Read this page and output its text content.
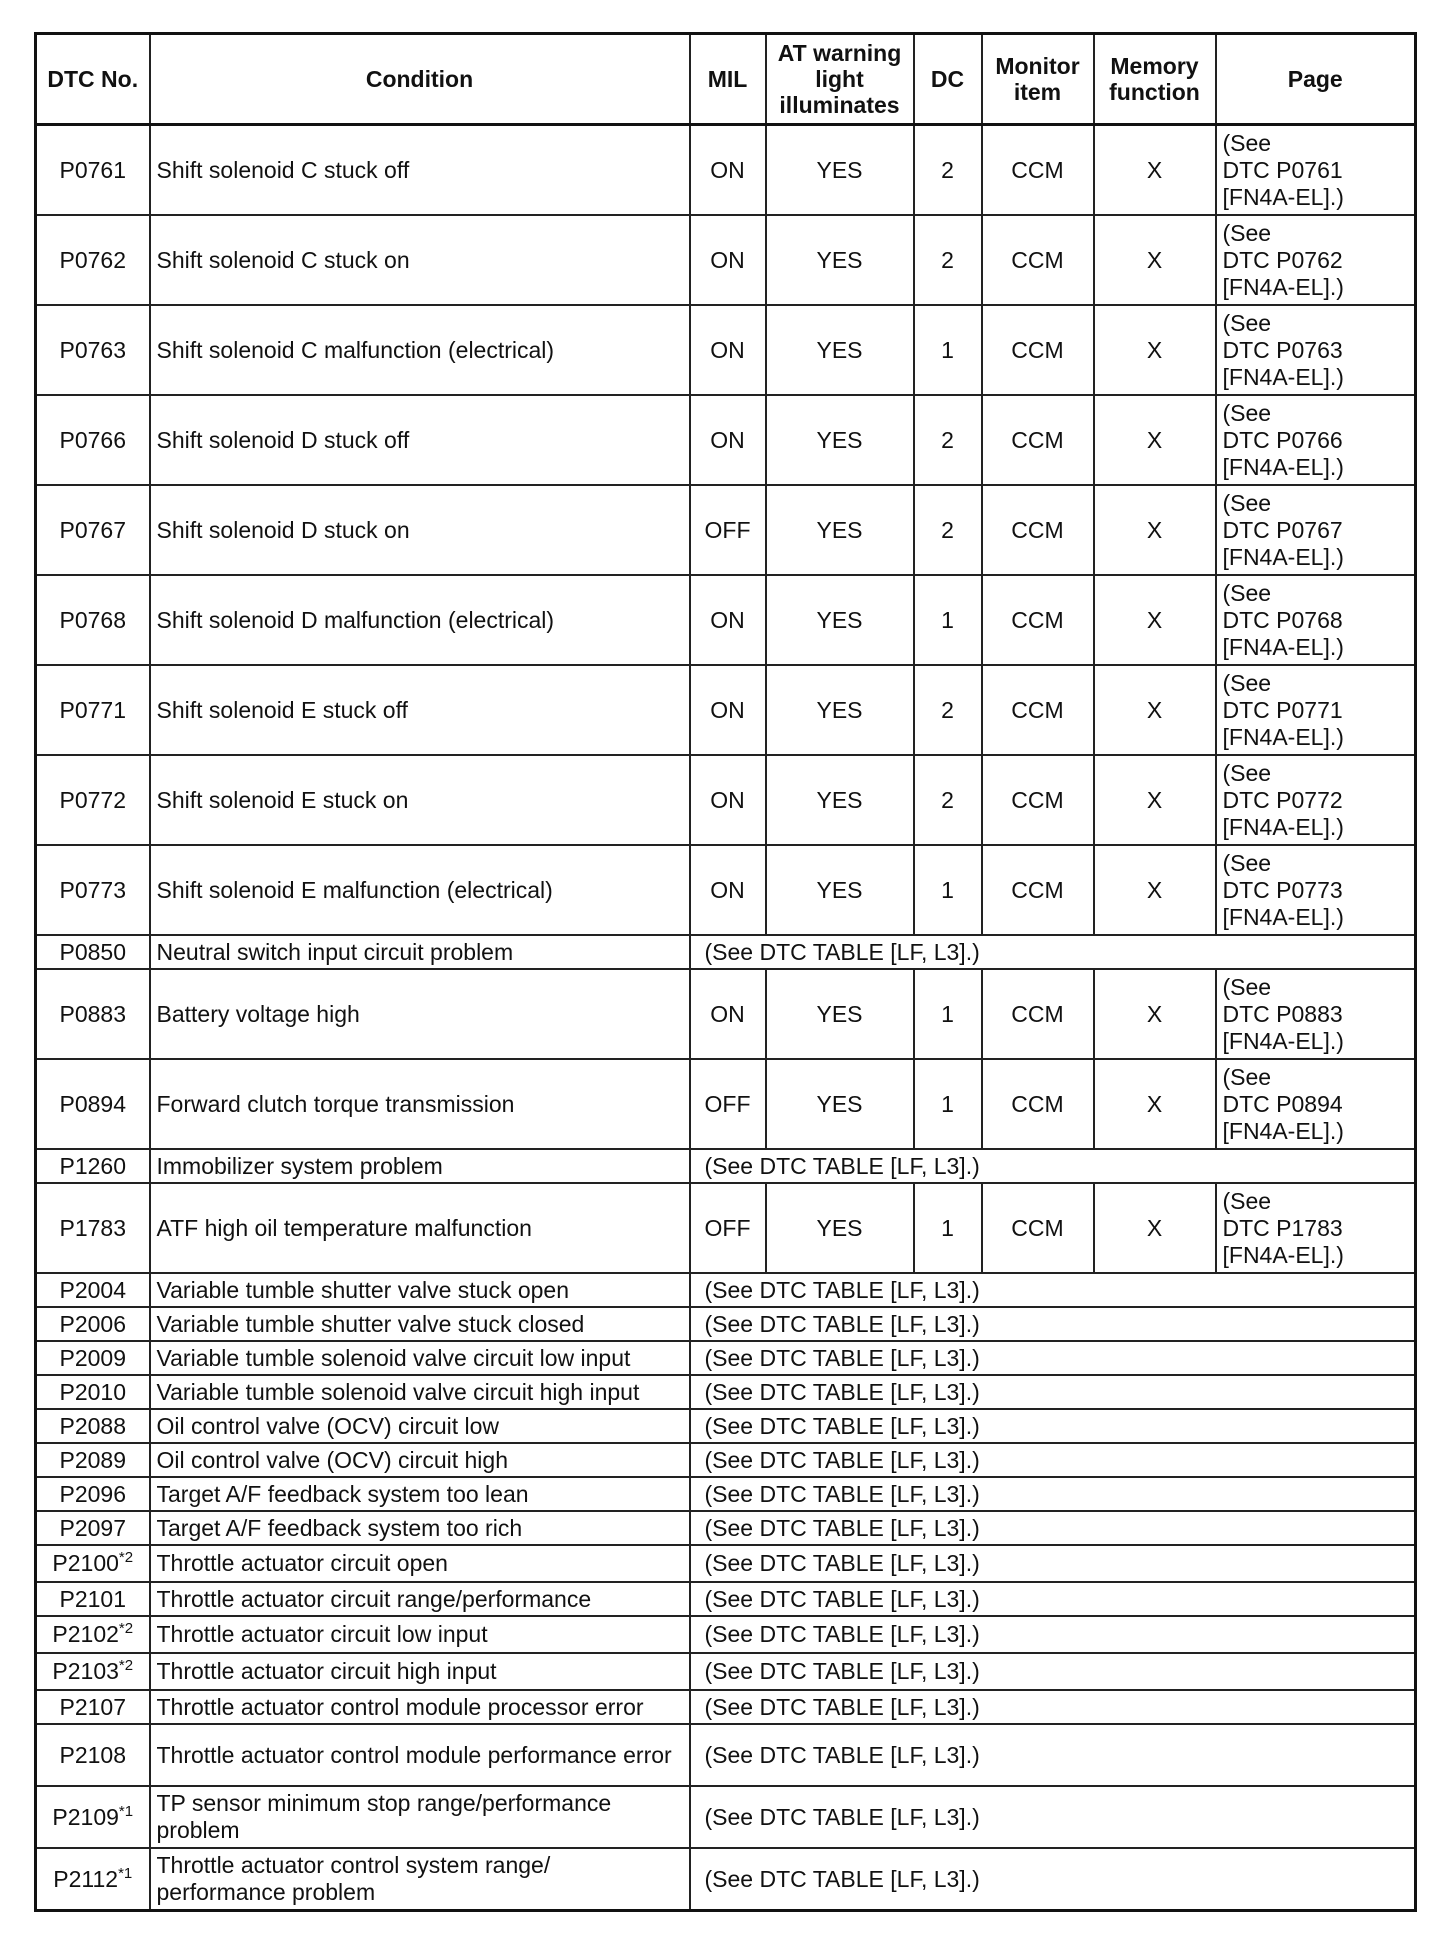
DTC No.	Condition	MIL	AT warning light illuminates	DC	Monitor item	Memory function	Page
P0761	Shift solenoid C stuck off	ON	YES	2	CCM	X	(See
DTC P0761
[FN4A-EL].)

P0762	Shift solenoid C stuck on	ON	YES	2	CCM	X	(See
DTC P0762
[FN4A-EL].)

P0763	Shift solenoid C malfunction (electrical)	ON	YES	1	CCM	X	(See
DTC P0763
[FN4A-EL].)

P0766	Shift solenoid D stuck off	ON	YES	2	CCM	X	(See
DTC P0766
[FN4A-EL].)

P0767	Shift solenoid D stuck on	OFF	YES	2	CCM	X	(See
DTC P0767
[FN4A-EL].)

P0768	Shift solenoid D malfunction (electrical)	ON	YES	1	CCM	X	(See
DTC P0768
[FN4A-EL].)

P0771	Shift solenoid E stuck off	ON	YES	2	CCM	X	(See
DTC P0771
[FN4A-EL].)

P0772	Shift solenoid E stuck on	ON	YES	2	CCM	X	(See
DTC P0772
[FN4A-EL].)

P0773	Shift solenoid E malfunction (electrical)	ON	YES	1	CCM	X	(See
DTC P0773
[FN4A-EL].)

P0850	Neutral switch input circuit problem	(See DTC TABLE [LF, L3].)					
P0883	Battery voltage high	ON	YES	1	CCM	X	(See
DTC P0883
[FN4A-EL].)

P0894	Forward clutch torque transmission	OFF	YES	1	CCM	X	(See
DTC P0894
[FN4A-EL].)

P1260	Immobilizer system problem	(See DTC TABLE [LF, L3].)					
P1783	ATF high oil temperature malfunction	OFF	YES	1	CCM	X	(See
DTC P1783
[FN4A-EL].)

P2004	Variable tumble shutter valve stuck open	(See DTC TABLE [LF, L3].)					
P2006	Variable tumble shutter valve stuck closed	(See DTC TABLE [LF, L3].)					
P2009	Variable tumble solenoid valve circuit low input	(See DTC TABLE [LF, L3].)					
P2010	Variable tumble solenoid valve circuit high input	(See DTC TABLE [LF, L3].)					
P2088	Oil control valve (OCV) circuit low	(See DTC TABLE [LF, L3].)					
P2089	Oil control valve (OCV) circuit high	(See DTC TABLE [LF, L3].)					
P2096	Target A/F feedback system too lean	(See DTC TABLE [LF, L3].)					
P2097	Target A/F feedback system too rich	(See DTC TABLE [LF, L3].)					
P2100$^{*2}$	Throttle actuator circuit open	(See DTC TABLE [LF, L3].)					
P2101	Throttle actuator circuit range/performance	(See DTC TABLE [LF, L3].)					
P2102$^{*2}$	Throttle actuator circuit low input	(See DTC TABLE [LF, L3].)					
P2103$^{*2}$	Throttle actuator circuit high input	(See DTC TABLE [LF, L3].)					
P2107	Throttle actuator control module processor error	(See DTC TABLE [LF, L3].)					
P2108	Throttle actuator control module performance error	(See DTC TABLE [LF, L3].)					
P2109$^{*1}$	TP sensor minimum stop range/performance problem	(See DTC TABLE [LF, L3].)					
P2112$^{*1}$	Throttle actuator control system range/ performance problem	(See DTC TABLE [LF, L3].)					
